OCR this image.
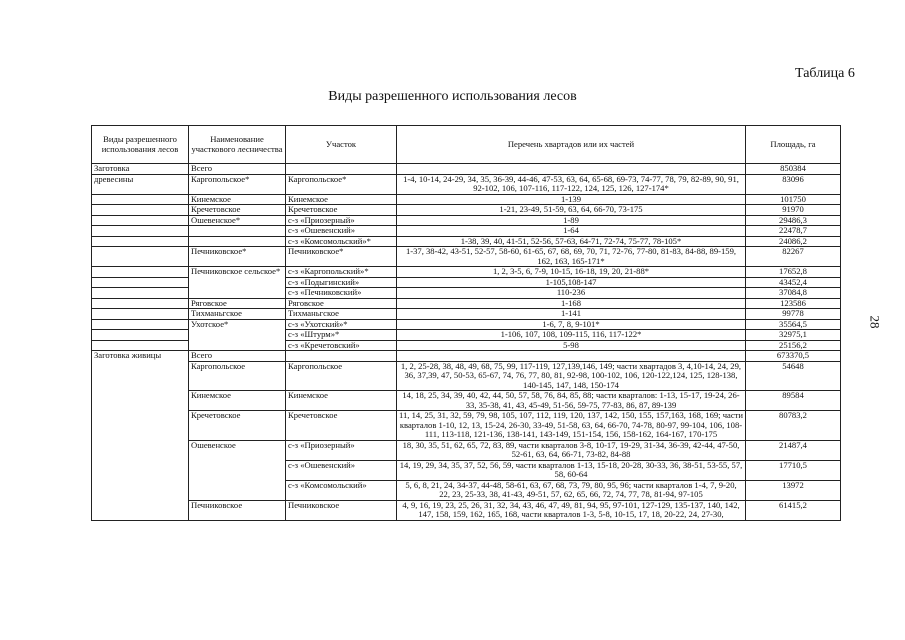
Таблица 6
Виды разрешенного использования лесов
28
Виды разрешенного использования лесов	Наименование участкового лесничества	Участок	Перечень хвартадов или их частей	Площадь, га
Заготовка	Всего			850384
древесины	Каргопольское*	Каргопольское*	1-4, 10-14, 24-29, 34, 35, 36-39, 44-46, 47-53, 63, 64, 65-68, 69-73, 74-77, 78, 79, 82-89, 90, 91, 92-102, 106, 107-116, 117-122, 124, 125, 126, 127-174*	83096
	Кинемское	Кинемское	1-139	101750
	Кречетовское	Кречетовское	1-21, 23-49, 51-59, 63, 64, 66-70, 73-175	91970
	Ошевенское*	с-з «Приозерный»	1-89	29486,3
		с-з «Ошевенский»	1-64	22478,7
		с-з «Комсомольский»*	1-38, 39, 40, 41-51, 52-56, 57-63, 64-71, 72-74, 75-77, 78-105*	24086,2
	Печниковское*	Печниковское*	1-37, 38-42, 43-51, 52-57, 58-60, 61-65, 67, 68, 69, 70, 71, 72-76, 77-80, 81-83, 84-88, 89-159, 162, 163, 165-171*	82267
	Печниковское сельское*	с-з «Каргопольский»*	1, 2, 3-5, 6, 7-9, 10-15, 16-18, 19, 20, 21-88*	17652,8
		с-з «Подыгинский»	1-105,108-147	43452,4
		с-з «Печниковский»	110-236	37084,8
	Ряговское	Ряговское	1-168	123586
	Тихманьгское	Тихманьгское	1-141	99778
	Ухотское*	с-з «Ухотский»*	1-6, 7, 8, 9-101*	35564,5
		с-з «Штурм»*	1-106, 107, 108, 109-115, 116, 117-122*	32975,1
		с-з «Кречетовский»	5-98	25156,2
Заготовка живицы	Всего			673370,5
	Каргопольское	Каргопольское	1, 2, 25-28, 38, 48, 49, 68, 75, 99, 117-119, 127,139,146, 149; части хвартадов 3, 4,10-14, 24, 29, 36, 37,39, 47, 50-53, 65-67, 74, 76, 77, 80, 81, 92-98, 100-102, 106, 120-122,124, 125, 128-138, 140-145, 147, 148, 150-174	54648
	Кинемское	Кинемское	14, 18, 25, 34, 39, 40, 42, 44, 50, 57, 58, 76, 84, 85, 88; части кварталов: 1-13, 15-17, 19-24, 26-33, 35-38, 41, 43, 45-49, 51-56, 59-75, 77-83, 86, 87, 89-139	89584
	Кречетовское	Кречетовское	11, 14, 25, 31, 32, 59, 79, 98, 105, 107, 112, 119, 120, 137, 142, 150, 155, 157,163, 168, 169; части кварталов 1-10, 12, 13, 15-24, 26-30, 33-49, 51-58, 63, 64, 66-70, 74-78, 80-97, 99-104, 106, 108-111, 113-118, 121-136, 138-141, 143-149, 151-154, 156, 158-162, 164-167, 170-175	80783,2
	Ошевенское	с-з «Приозерный»	18, 30, 35, 51, 62, 65, 72, 83, 89, части кварталов 3-8, 10-17, 19-29, 31-34, 36-39, 42-44, 47-50, 52-61, 63, 64, 66-71, 73-82, 84-88	21487,4
		с-з «Ошевенский»	14, 19, 29, 34, 35, 37, 52, 56, 59, части кварталов 1-13, 15-18, 20-28, 30-33, 36, 38-51, 53-55, 57, 58, 60-64	17710,5
		с-з «Комсомольский»	5, 6, 8, 21, 24, 34-37, 44-48, 58-61, 63, 67, 68, 73, 79, 80, 95, 96; части кварталов 1-4, 7, 9-20, 22, 23, 25-33, 38, 41-43, 49-51, 57, 62, 65, 66, 72, 74, 77, 78, 81-94, 97-105	13972
	Печниковское	Печниковское	4, 9, 16, 19, 23, 25, 26, 31, 32, 34, 43, 46, 47, 49, 81, 94, 95, 97-101, 127-129, 135-137, 140, 142, 147, 158, 159, 162, 165, 168, части кварталов 1-3, 5-8, 10-15, 17, 18, 20-22, 24, 27-30,	61415,2
